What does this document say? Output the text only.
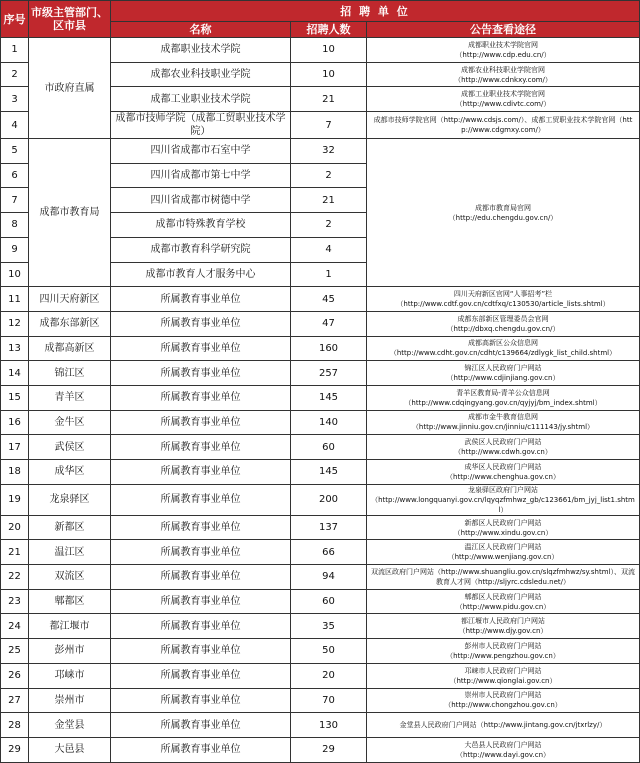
序号	市级主管部门、区市县	招 聘 单 位		
		名称	招聘人数	公告查看途径
1	市政府直属	成都职业技术学院	10	成都职业技术学院官网
（http://www.cdp.edu.cn/）
2		成都农业科技职业学院	10	成都农业科技职业学院官网
（http://www.cdnkxy.com/）
3		成都工业职业技术学院	21	成都工业职业技术学院官网
（http://www.cdivtc.com/）
4		成都市技师学院（成都工贸职业技术学院）	7	成都市技师学院官网（http://www.cdsjs.com/）、成都工贸职业技术学院官网（http://www.cdgmxy.com/）
5	成都市教育局	四川省成都市石室中学	32	成都市教育局官网
（http://edu.chengdu.gov.cn/）
6		四川省成都市第七中学	2	
7		四川省成都市树德中学	21	
8		成都市特殊教育学校	2	
9		成都市教育科学研究院	4	
10		成都市教育人才服务中心	1	
11	四川天府新区	所属教育事业单位	45	四川天府新区官网“人事招考”栏
（http://www.cdtf.gov.cn/cdtfxq/c130530/article_lists.shtml）
12	成都东部新区	所属教育事业单位	47	成都东部新区管理委员会官网
（http://dbxq.chengdu.gov.cn/）
13	成都高新区	所属教育事业单位	160	成都高新区公众信息网
（http://www.cdht.gov.cn/cdht/c139664/zdlygk_list_child.shtml）
14	锦江区	所属教育事业单位	257	锦江区人民政府门户网站
（http://www.cdjinjiang.gov.cn）
15	青羊区	所属教育事业单位	145	青羊区教育局-青羊公众信息网
（http://www.cdqingyang.gov.cn/qyjyj/bm_index.shtml）
16	金牛区	所属教育事业单位	140	成都市金牛教育信息网
（http://www.jinniu.gov.cn/jinniu/c111143/jy.shtml）
17	武侯区	所属教育事业单位	60	武侯区人民政府门户网站
（http://www.cdwh.gov.cn）
18	成华区	所属教育事业单位	145	成华区人民政府门户网站
（http://www.chenghua.gov.cn）
19	龙泉驿区	所属教育事业单位	200	龙泉驿区政府门户网站
（http://www.longquanyi.gov.cn/lqyqzfmhwz_gb/c123661/bm_jyj_list1.shtml）
20	新都区	所属教育事业单位	137	新都区人民政府门户网站
（http://www.xindu.gov.cn）
21	温江区	所属教育事业单位	66	温江区人民政府门户网站
（http://www.wenjiang.gov.cn）
22	双流区	所属教育事业单位	94	双流区政府门户网站（http://www.shuangliu.gov.cn/slqzfmhwz/sy.shtml）、双流教育人才网（http://sljyrc.cdsledu.net/）
23	郫都区	所属教育事业单位	60	郫都区人民政府门户网站
（http://www.pidu.gov.cn）
24	都江堰市	所属教育事业单位	35	都江堰市人民政府门户网站
（http://www.djy.gov.cn）
25	彭州市	所属教育事业单位	50	彭州市人民政府门户网站
（http://www.pengzhou.gov.cn）
26	邛崃市	所属教育事业单位	20	邛崃市人民政府门户网站
（http://www.qionglai.gov.cn）
27	崇州市	所属教育事业单位	70	崇州市人民政府门户网站
（http://www.chongzhou.gov.cn）
28	金堂县	所属教育事业单位	130	金堂县人民政府门户网站（http://www.jintang.gov.cn/jtxrlzy/）
29	大邑县	所属教育事业单位	29	大邑县人民政府门户网站
（http://www.dayi.gov.cn）
